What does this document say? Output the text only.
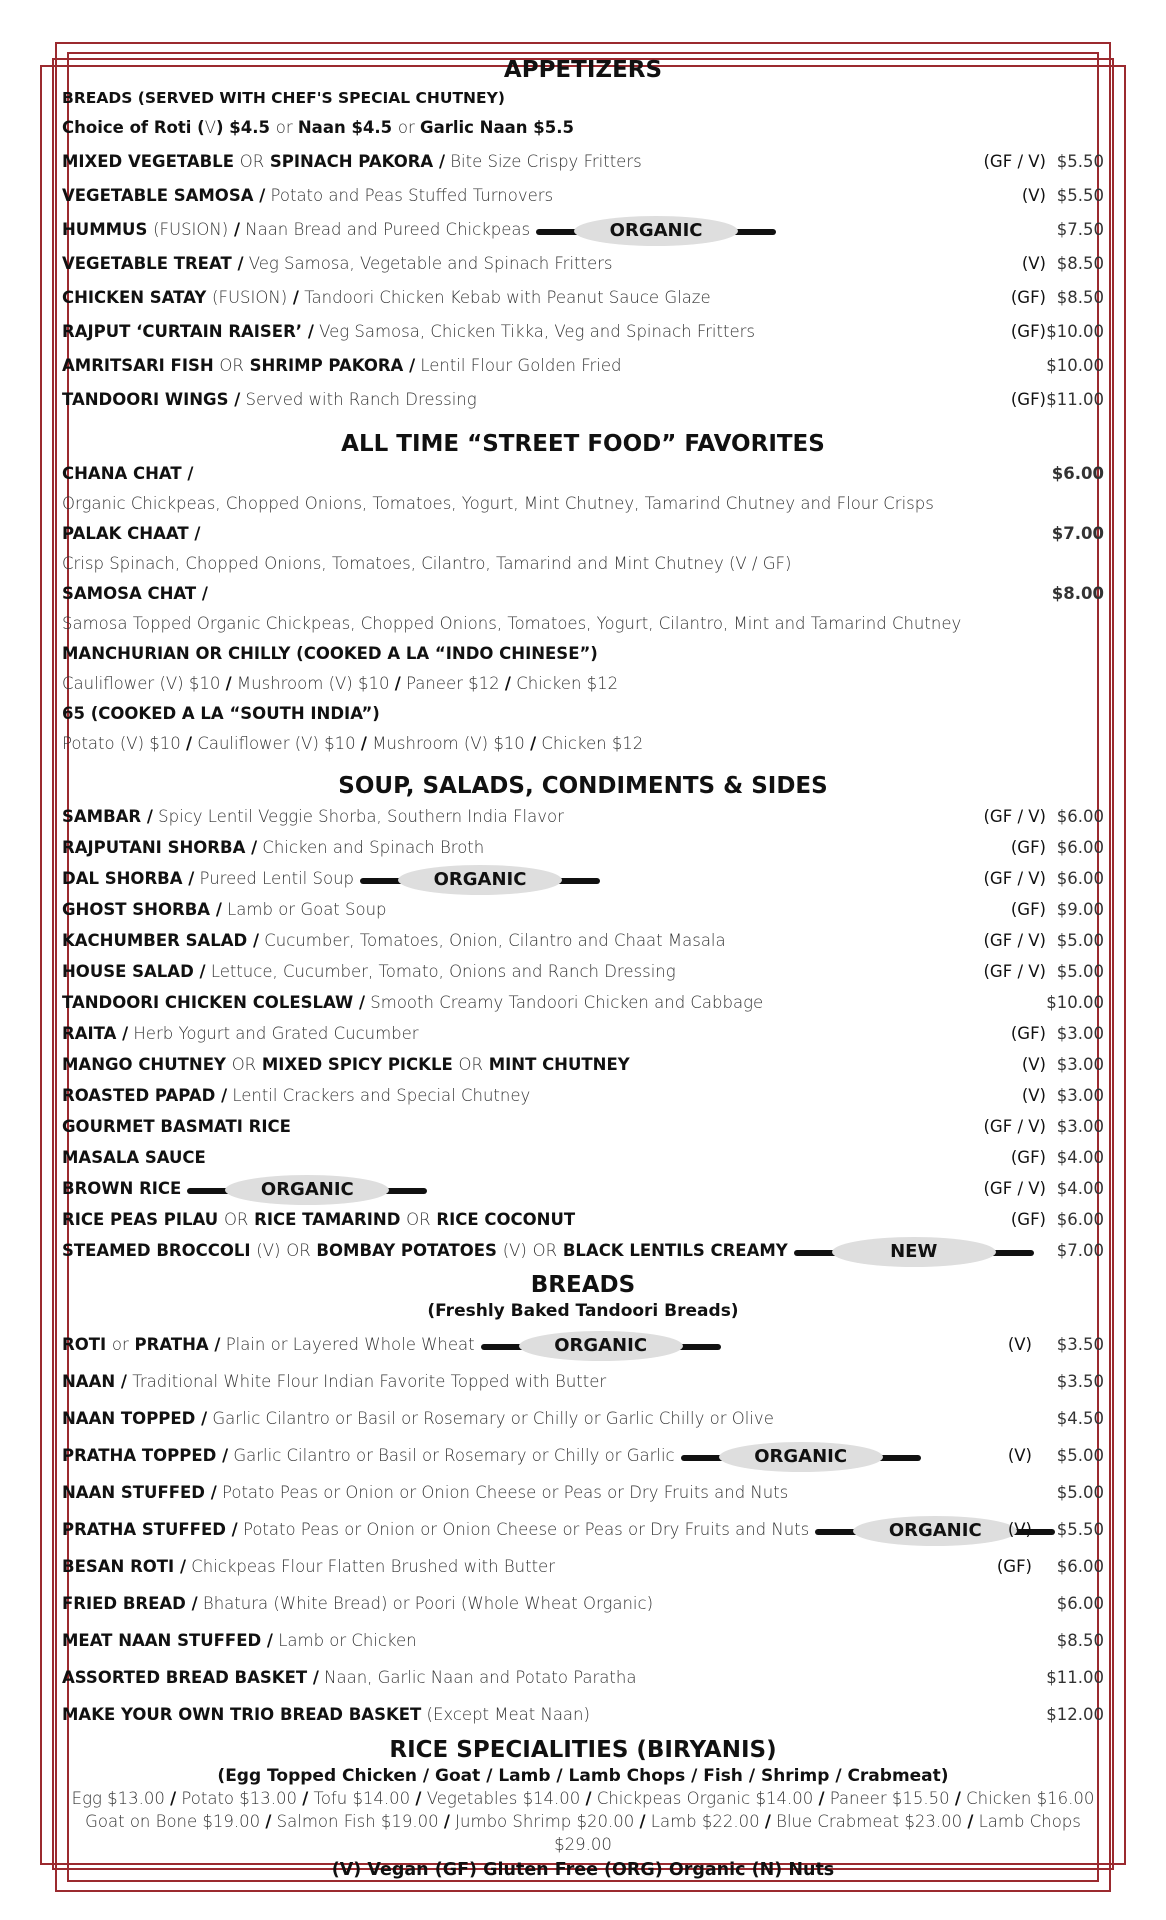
APPETIZERS
BREADS (SERVED WITH CHEF'S SPECIAL CHUTNEY)
Choice of Roti (V) $4.5 or Naan $4.5 or Garlic Naan $5.5
MIXED VEGETABLE OR SPINACH PAKORA / Bite Size Crispy Fritters	(GF / V) $5.50
VEGETABLE SAMOSA / Potato and Peas Stuffed Turnovers	(V) $5.50
HUMMUS (FUSION) / Naan Bread and Pureed Chickpeas	ORGANIC	$7.50
VEGETABLE TREAT / Veg Samosa, Vegetable and Spinach Fritters	(V) $8.50
CHICKEN SATAY (FUSION) / Tandoori Chicken Kebab with Peanut Sauce Glaze	(GF) $8.50
RAJPUT ‘CURTAIN RAISER’ / Veg Samosa, Chicken Tikka, Veg and Spinach Fritters	(GF) $10.00
AMRITSARI FISH OR SHRIMP PAKORA / Lentil Flour Golden Fried	$10.00
TANDOORI WINGS / Served with Ranch Dressing	(GF) $11.00
ALL TIME “STREET FOOD” FAVORITES
CHANA CHAT /	$6.00
Organic Chickpeas, Chopped Onions, Tomatoes, Yogurt, Mint Chutney, Tamarind Chutney and Flour Crisps
PALAK CHAAT /	$7.00
Crisp Spinach, Chopped Onions, Tomatoes, Cilantro, Tamarind and Mint Chutney (V / GF)
SAMOSA CHAT /	$8.00
Samosa Topped Organic Chickpeas, Chopped Onions, Tomatoes, Yogurt, Cilantro, Mint and Tamarind Chutney
MANCHURIAN OR CHILLY (COOKED A LA “INDO CHINESE”)
Cauliflower (V) $10 / Mushroom (V) $10 / Paneer $12 / Chicken $12
65 (COOKED A LA “SOUTH INDIA”)
Potato (V) $10 / Cauliflower (V) $10 / Mushroom (V) $10 / Chicken $12
SOUP, SALADS, CONDIMENTS & SIDES
SAMBAR / Spicy Lentil Veggie Shorba, Southern India Flavor	(GF / V) $6.00
RAJPUTANI SHORBA / Chicken and Spinach Broth	(GF) $6.00
DAL SHORBA / Pureed Lentil Soup	ORGANIC	(GF / V) $6.00
GHOST SHORBA / Lamb or Goat Soup	(GF) $9.00
KACHUMBER SALAD / Cucumber, Tomatoes, Onion, Cilantro and Chaat Masala	(GF / V) $5.00
HOUSE SALAD / Lettuce, Cucumber, Tomato, Onions and Ranch Dressing	(GF / V) $5.00
TANDOORI CHICKEN COLESLAW / Smooth Creamy Tandoori Chicken and Cabbage	$10.00
RAITA / Herb Yogurt and Grated Cucumber	(GF) $3.00
MANGO CHUTNEY OR MIXED SPICY PICKLE OR MINT CHUTNEY	(V) $3.00
ROASTED PAPAD / Lentil Crackers and Special Chutney	(V) $3.00
GOURMET BASMATI RICE	(GF / V) $3.00
MASALA SAUCE	(GF) $4.00
BROWN RICE	ORGANIC	(GF / V) $4.00
RICE PEAS PILAU OR RICE TAMARIND OR RICE COCONUT	(GF) $6.00
STEAMED BROCCOLI (V) OR BOMBAY POTATOES (V) OR BLACK LENTILS CREAMY	NEW	$7.00
BREADS
(Freshly Baked Tandoori Breads)
ROTI or PRATHA / Plain or Layered Whole Wheat	ORGANIC	(V) $3.50
NAAN / Traditional White Flour Indian Favorite Topped with Butter	$3.50
NAAN TOPPED / Garlic Cilantro or Basil or Rosemary or Chilly or Garlic Chilly or Olive	$4.50
PRATHA TOPPED / Garlic Cilantro or Basil or Rosemary or Chilly or Garlic	ORGANIC	(V) $5.00
NAAN STUFFED / Potato Peas or Onion or Onion Cheese or Peas or Dry Fruits and Nuts	$5.00
PRATHA STUFFED / Potato Peas or Onion or Onion Cheese or Peas or Dry Fruits and Nuts	ORGANIC	(V) $5.50
BESAN ROTI / Chickpeas Flour Flatten Brushed with Butter	(GF) $6.00
FRIED BREAD / Bhatura (White Bread) or Poori (Whole Wheat Organic)	$6.00
MEAT NAAN STUFFED / Lamb or Chicken	$8.50
ASSORTED BREAD BASKET / Naan, Garlic Naan and Potato Paratha	$11.00
MAKE YOUR OWN TRIO BREAD BASKET (Except Meat Naan)	$12.00
RICE SPECIALITIES (BIRYANIS)
(Egg Topped Chicken / Goat / Lamb / Lamb Chops / Fish / Shrimp / Crabmeat)
Egg $13.00 / Potato $13.00 / Tofu $14.00 / Vegetables $14.00 / Chickpeas Organic $14.00 / Paneer $15.50 / Chicken $16.00
Goat on Bone $19.00 / Salmon Fish $19.00 / Jumbo Shrimp $20.00 / Lamb $22.00 / Blue Crabmeat $23.00 / Lamb Chops $29.00
(V) Vegan (GF) Gluten Free (ORG) Organic (N) Nuts
